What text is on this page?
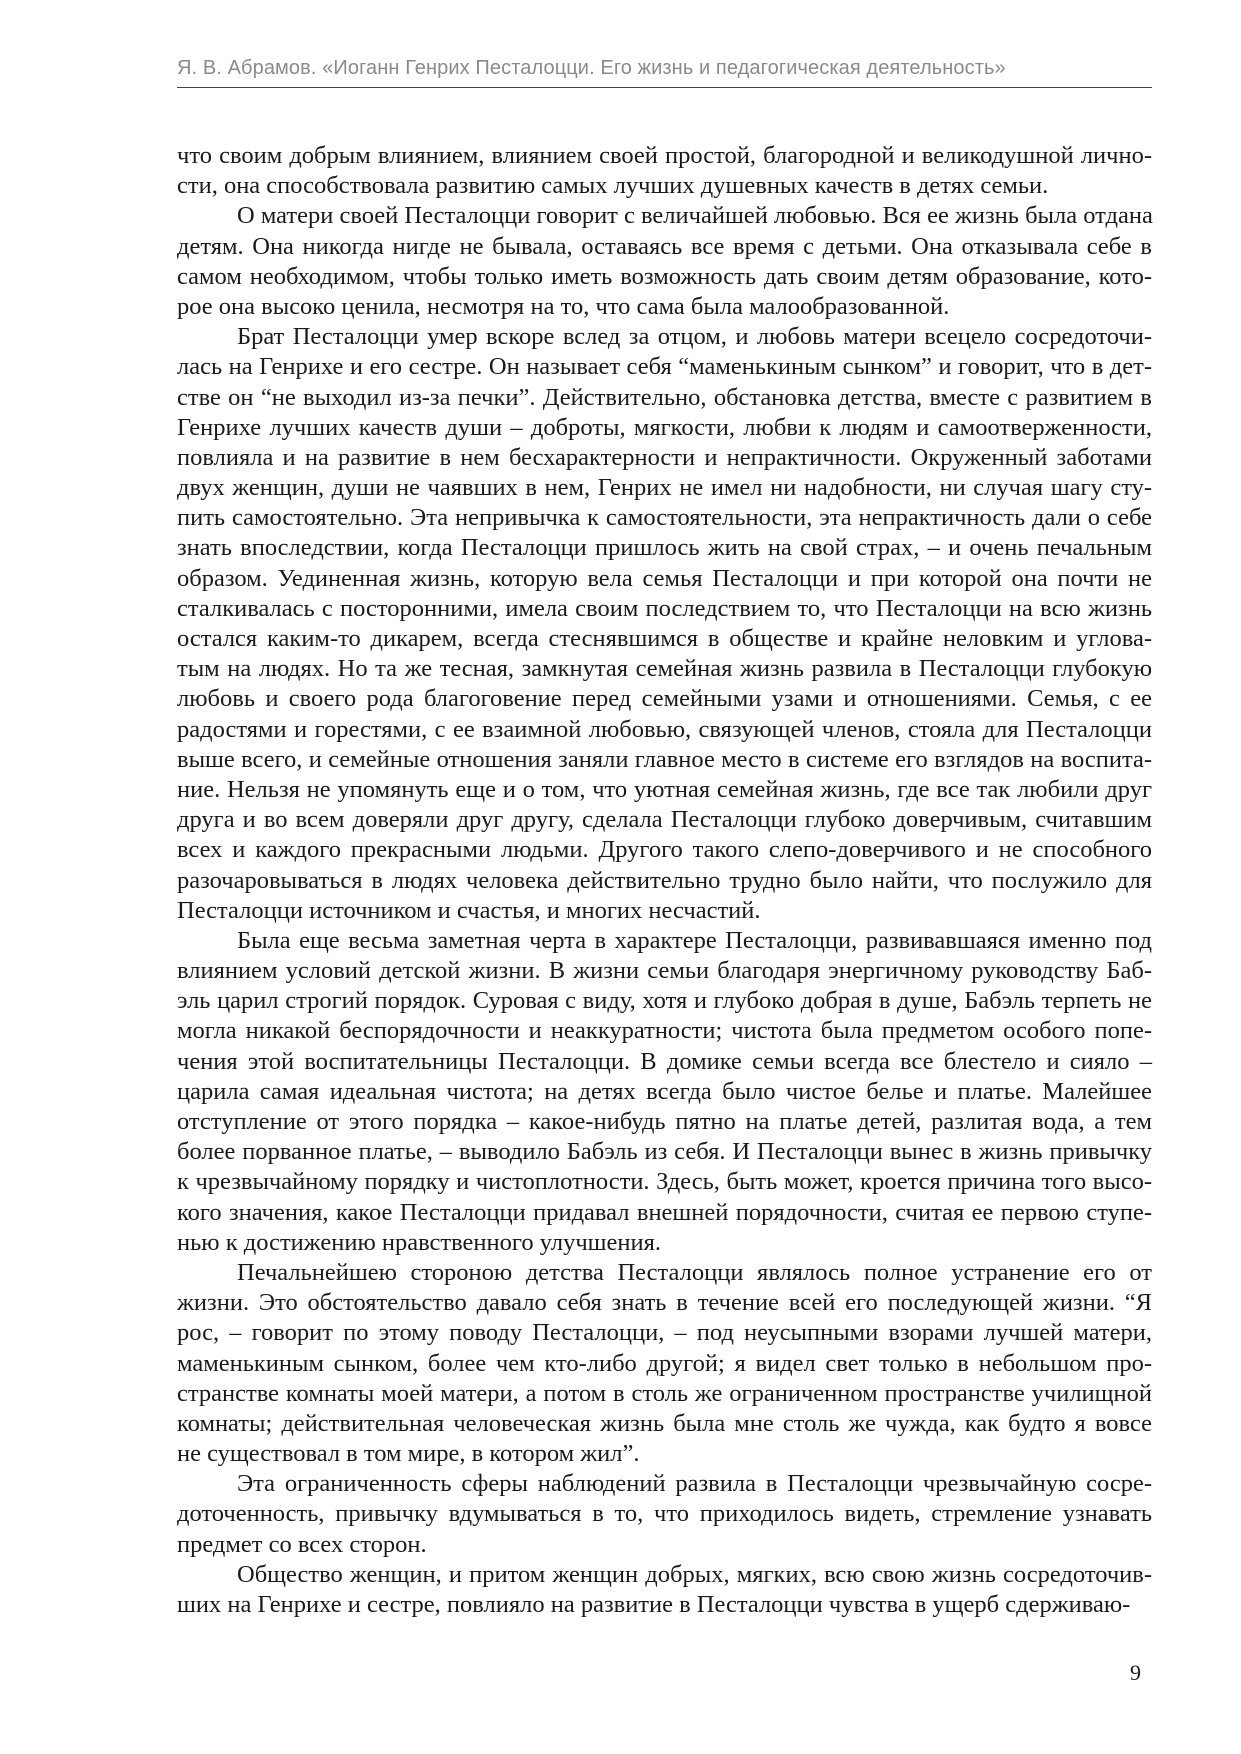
Я. В. Абрамов. «Иоганн Генрих Песталоцци. Его жизнь и педагогическая деятельность»
что своим добрым влиянием, влиянием своей простой, благородной и великодушной лично-
сти, она способствовала развитию самых лучших душевных качеств в детях семьи.
О матери своей Песталоцци говорит с величайшей любовью. Вся ее жизнь была отдана
детям. Она никогда нигде не бывала, оставаясь все время с детьми. Она отказывала себе в
самом необходимом, чтобы только иметь возможность дать своим детям образование, кото-
рое она высоко ценила, несмотря на то, что сама была малообразованной.
Брат Песталоцци умер вскоре вслед за отцом, и любовь матери всецело сосредоточи-
лась на Генрихе и его сестре. Он называет себя “маменькиным сынком” и говорит, что в дет-
стве он “не выходил из-за печки”. Действительно, обстановка детства, вместе с развитием в
Генрихе лучших качеств души – доброты, мягкости, любви к людям и самоотверженности,
повлияла и на развитие в нем бесхарактерности и непрактичности. Окруженный заботами
двух женщин, души не чаявших в нем, Генрих не имел ни надобности, ни случая шагу сту-
пить самостоятельно. Эта непривычка к самостоятельности, эта непрактичность дали о себе
знать впоследствии, когда Песталоцци пришлось жить на свой страх, – и очень печальным
образом. Уединенная жизнь, которую вела семья Песталоцци и при которой она почти не
сталкивалась с посторонними, имела своим последствием то, что Песталоцци на всю жизнь
остался каким-то дикарем, всегда стеснявшимся в обществе и крайне неловким и углова-
тым на людях. Но та же тесная, замкнутая семейная жизнь развила в Песталоцци глубокую
любовь и своего рода благоговение перед семейными узами и отношениями. Семья, с ее
радостями и горестями, с ее взаимной любовью, связующей членов, стояла для Песталоцци
выше всего, и семейные отношения заняли главное место в системе его взглядов на воспита-
ние. Нельзя не упомянуть еще и о том, что уютная семейная жизнь, где все так любили друг
друга и во всем доверяли друг другу, сделала Песталоцци глубоко доверчивым, считавшим
всех и каждого прекрасными людьми. Другого такого слепо-доверчивого и не способного
разочаровываться в людях человека действительно трудно было найти, что послужило для
Песталоцци источником и счастья, и многих несчастий.
Была еще весьма заметная черта в характере Песталоцци, развивавшаяся именно под
влиянием условий детской жизни. В жизни семьи благодаря энергичному руководству Баб-
эль царил строгий порядок. Суровая с виду, хотя и глубоко добрая в душе, Бабэль терпеть не
могла никакой беспорядочности и неаккуратности; чистота была предметом особого попе-
чения этой воспитательницы Песталоцци. В домике семьи всегда все блестело и сияло –
царила самая идеальная чистота; на детях всегда было чистое белье и платье. Малейшее
отступление от этого порядка – какое-нибудь пятно на платье детей, разлитая вода, а тем
более порванное платье, – выводило Бабэль из себя. И Песталоцци вынес в жизнь привычку
к чрезвычайному порядку и чистоплотности. Здесь, быть может, кроется причина того высо-
кого значения, какое Песталоцци придавал внешней порядочности, считая ее первою ступе-
нью к достижению нравственного улучшения.
Печальнейшею стороною детства Песталоцци являлось полное устранение его от
жизни. Это обстоятельство давало себя знать в течение всей его последующей жизни. “Я
рос, – говорит по этому поводу Песталоцци, – под неусыпными взорами лучшей матери,
маменькиным сынком, более чем кто-либо другой; я видел свет только в небольшом про-
странстве комнаты моей матери, а потом в столь же ограниченном пространстве училищной
комнаты; действительная человеческая жизнь была мне столь же чужда, как будто я вовсе
не существовал в том мире, в котором жил”.
Эта ограниченность сферы наблюдений развила в Песталоцци чрезвычайную сосре-
доточенность, привычку вдумываться в то, что приходилось видеть, стремление узнавать
предмет со всех сторон.
Общество женщин, и притом женщин добрых, мягких, всю свою жизнь сосредоточив-
ших на Генрихе и сестре, повлияло на развитие в Песталоцци чувства в ущерб сдерживаю-
9
